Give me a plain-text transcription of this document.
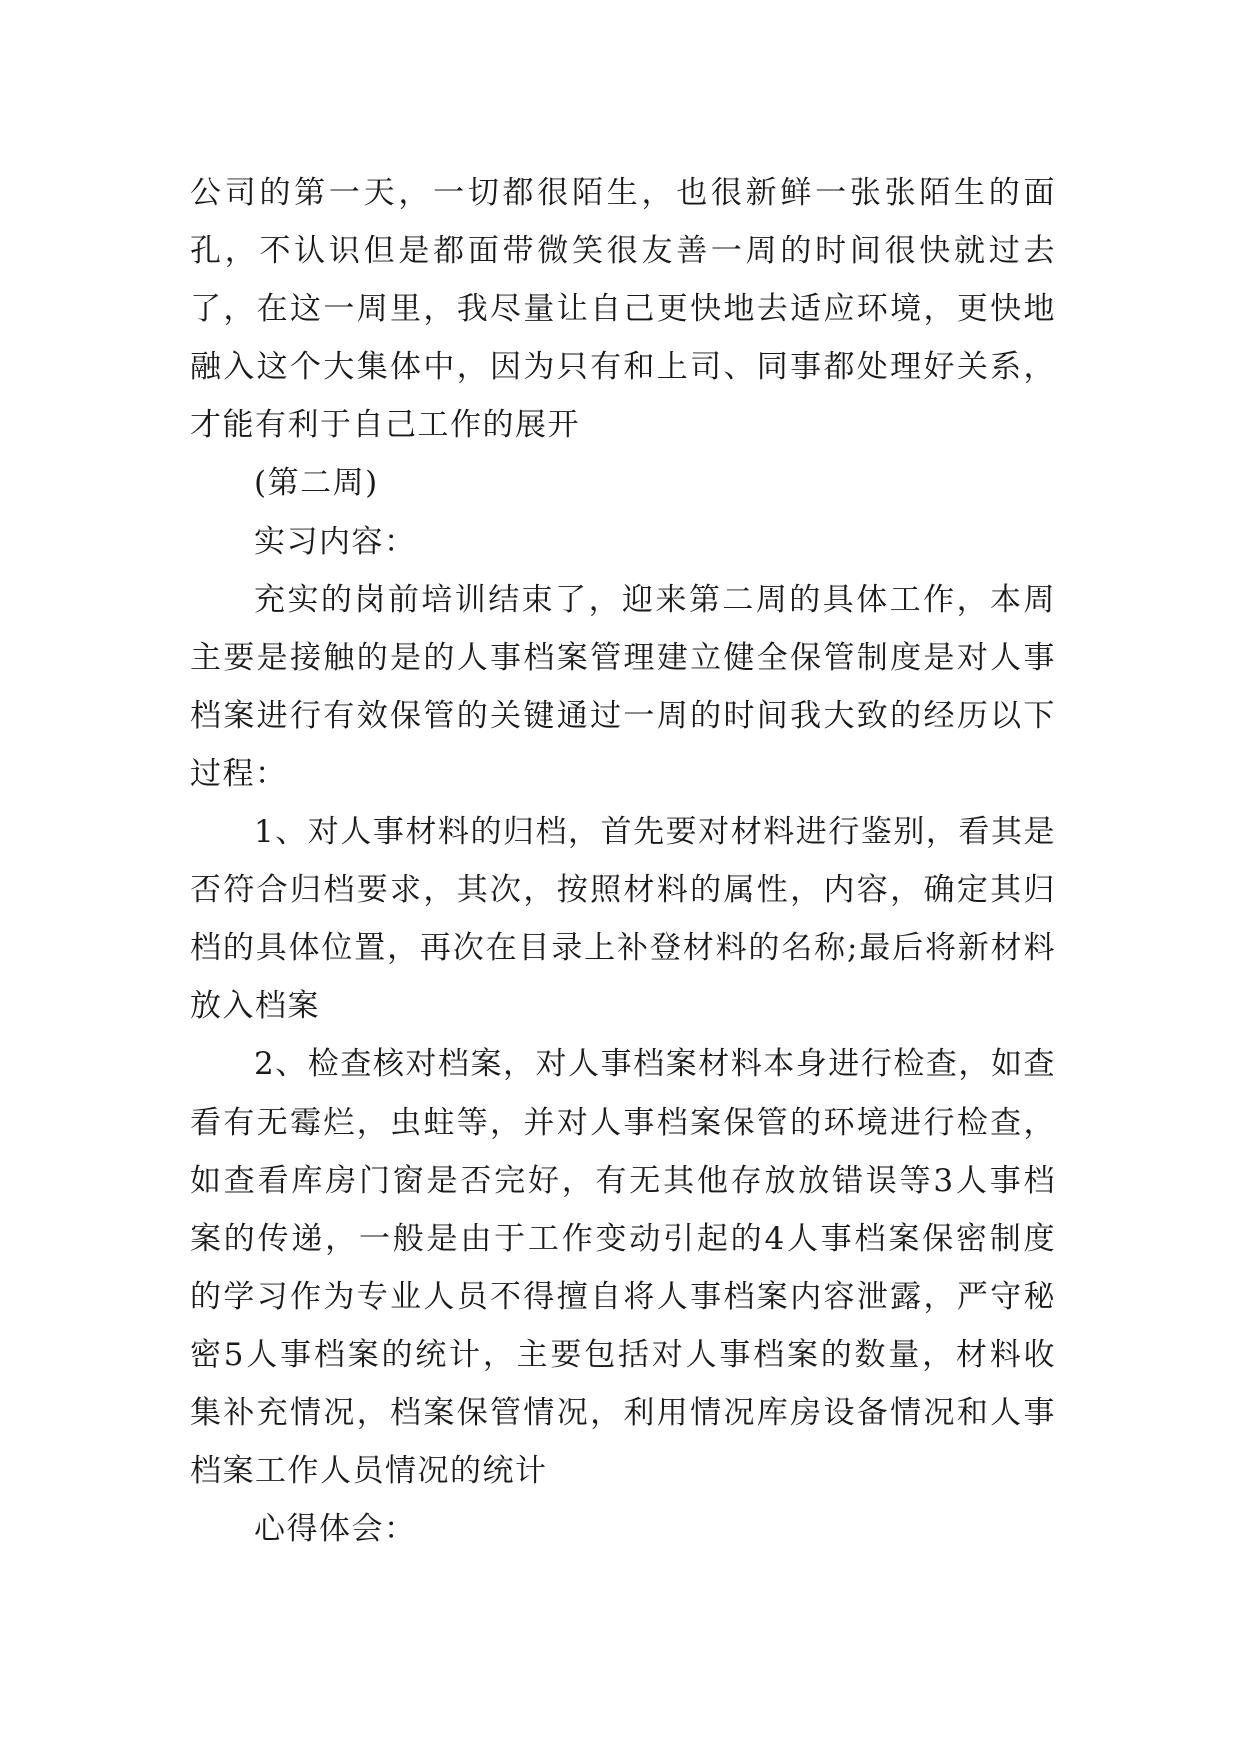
公司的第一天，一切都很陌生，也很新鲜一张张陌生的面孔，不认识但是都面带微笑很友善一周的时间很快就过去了，在这一周里，我尽量让自己更快地去适应环境，更快地融入这个大集体中，因为只有和上司、同事都处理好关系，才能有利于自己工作的展开

(第二周)

实习内容：

充实的岗前培训结束了，迎来第二周的具体工作，本周主要是接触的是的人事档案管理建立健全保管制度是对人事档案进行有效保管的关键通过一周的时间我大致的经历以下过程：

1、对人事材料的归档，首先要对材料进行鉴别，看其是否符合归档要求，其次，按照材料的属性，内容，确定其归档的具体位置，再次在目录上补登材料的名称;最后将新材料放入档案

2、检查核对档案，对人事档案材料本身进行检查，如查看有无霉烂，虫蛀等，并对人事档案保管的环境进行检查，如查看库房门窗是否完好，有无其他存放放错误等3人事档案的传递，一般是由于工作变动引起的4人事档案保密制度的学习作为专业人员不得擅自将人事档案内容泄露，严守秘密5人事档案的统计，主要包括对人事档案的数量，材料收集补充情况，档案保管情况，利用情况库房设备情况和人事档案工作人员情况的统计

心得体会：
